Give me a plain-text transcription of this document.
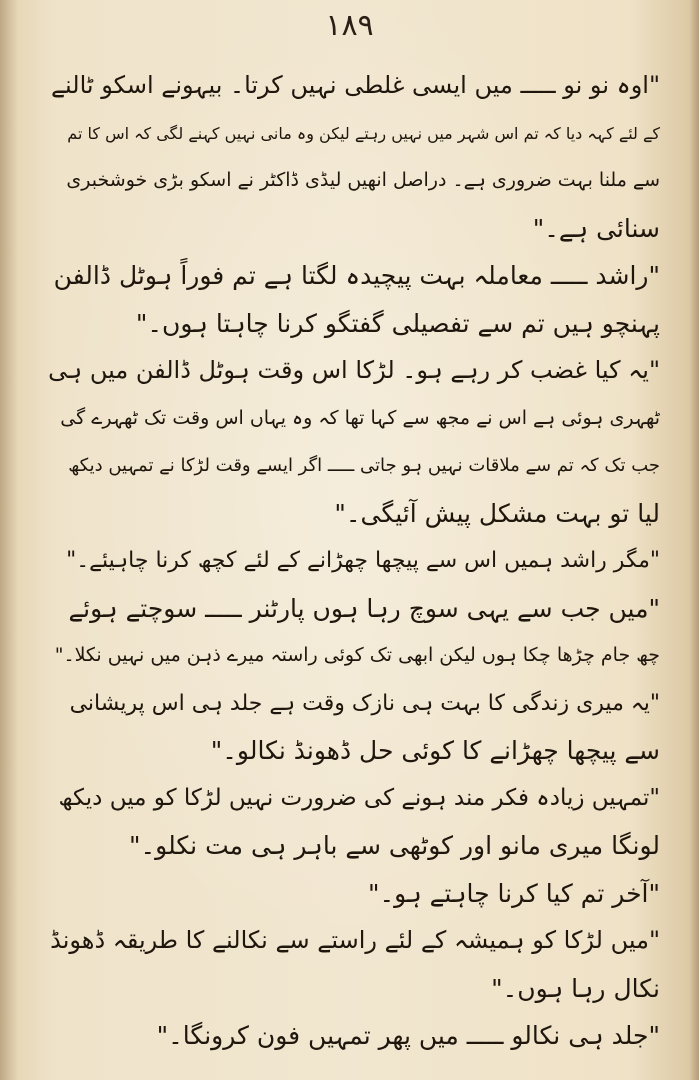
۱۸۹
"اوہ نو نو ـــــ میں ایسی غلطی نہیں کرتا۔ بیہونے اسکو ٹالنے
کے لئے کہہ دیا کہ تم اس شہر میں نہیں رہتے لیکن وہ مانی نہیں کہنے لگی کہ اس کا تم
سے ملنا بہت ضروری ہے۔ دراصل انھیں لیڈی ڈاکٹر نے اسکو بڑی خوشخبری
سنائی ہے۔"
"راشد ـــــ معاملہ بہت پیچیدہ لگتا ہے تم فوراً ہوٹل ڈالفن
پہنچو ہیں تم سے تفصیلی گفتگو کرنا چاہتا ہوں۔"
"یہ کیا غضب کر رہے ہو۔ لڑکا اس وقت ہوٹل ڈالفن میں ہی
ٹھہری ہوئی ہے اس نے مجھ سے کہا تھا کہ وہ یہاں اس وقت تک ٹھہرے گی
جب تک کہ تم سے ملاقات نہیں ہو جاتی ـــــ اگر ایسے وقت لڑکا نے تمہیں دیکھ
لیا تو بہت مشکل پیش آئیگی۔"
"مگر راشد ہمیں اس سے پیچھا چھڑانے کے لئے کچھ کرنا چاہیئے۔"
"میں جب سے یہی سوچ رہا ہوں پارٹنر ـــــ سوچتے ہوئے
چھ جام چڑھا چکا ہوں لیکن ابھی تک کوئی راستہ میرے ذہن میں نہیں نکلا۔"
"یہ میری زندگی کا بہت ہی نازک وقت ہے جلد ہی اس پریشانی
سے پیچھا چھڑانے کا کوئی حل ڈھونڈ نکالو۔"
"تمہیں زیادہ فکر مند ہونے کی ضرورت نہیں لڑکا کو میں دیکھ
لونگا میری مانو اور کوٹھی سے باہر ہی مت نکلو۔"
"آخر تم کیا کرنا چاہتے ہو۔"
"میں لڑکا کو ہمیشہ کے لئے راستے سے نکالنے کا طریقہ ڈھونڈ
نکال رہا ہوں۔"
"جلد ہی نکالو ـــــ میں پھر تمہیں فون کرونگا۔"
